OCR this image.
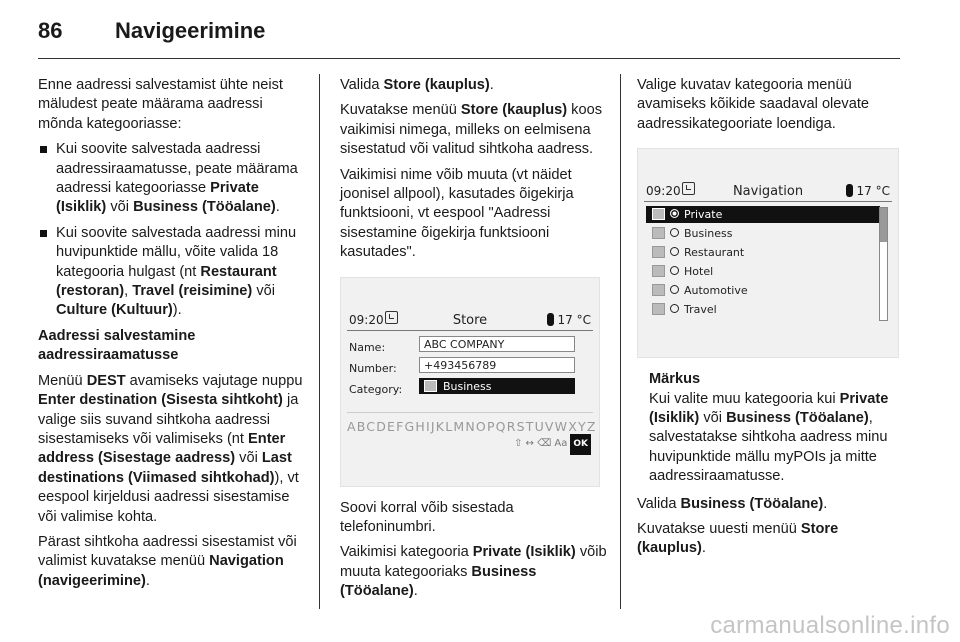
86 Navigeerimine

Enne aadressi salvestamist ühte neist mäludest peate määrama aadressi mõnda kategooriasse:

Kui soovite salvestada aadressi aadressiraamatusse, peate määrama aadressi kategooriasse Private (Isiklik) või Business (Tööalane).
Kui soovite salvestada aadressi minu huvipunktide mällu, võite valida 18 kategooria hulgast (nt Restaurant (restoran), Travel (reisimine) või Culture (Kultuur)).

Aadressi salvestamine aadressiraamatusse

Menüü DEST avamiseks vajutage nuppu Enter destination (Sisesta sihtkoht) ja valige siis suvand sihtkoha aadressi sisestamiseks või valimiseks (nt Enter address (Sisestage aadress) või Last destinations (Viimased sihtkohad)), vt eespool kirjeldusi aadressi sisestamise või valimise kohta.

Pärast sihtkoha aadressi sisestamist või valimist kuvatakse menüü Navigation (navigeerimine).

Valida Store (kauplus).

Kuvatakse menüü Store (kauplus) koos vaikimisi nimega, milleks on eelmisena sisestatud või valitud sihtkoha aadress.

Vaikimisi nime võib muuta (vt näidet joonisel allpool), kasutades õigekirja funktsiooni, vt eespool "Aadressi sisestamine õigekirja funktsiooni kasutades".

09:20	Store	17 °C
Name:	ABC COMPANY
Number:	+493456789
Category:	Business
ABCDEFGHIJKLMNOPQRSTUVWXYZ
⇧ ↔ ⌫ Aa OK

Soovi korral võib sisestada telefoninumbri.

Vaikimisi kategooria Private (Isiklik) võib muuta kategooriaks Business (Tööalane).

Valige kuvatav kategooria menüü avamiseks kõikide saadaval olevate aadressikategooriate loendiga.

09:20	Navigation	17 °C
Private
Business
Restaurant
Hotel
Automotive
Travel
Märkus
Kui valite muu kategooria kui Private (Isiklik) või Business (Tööalane), salvestatakse sihtkoha aadress minu huvipunktide mällu myPOIs ja mitte aadressiraamatusse.

Valida Business (Tööalane).

Kuvatakse uuesti menüü Store (kauplus).

carmanualsonline.info
